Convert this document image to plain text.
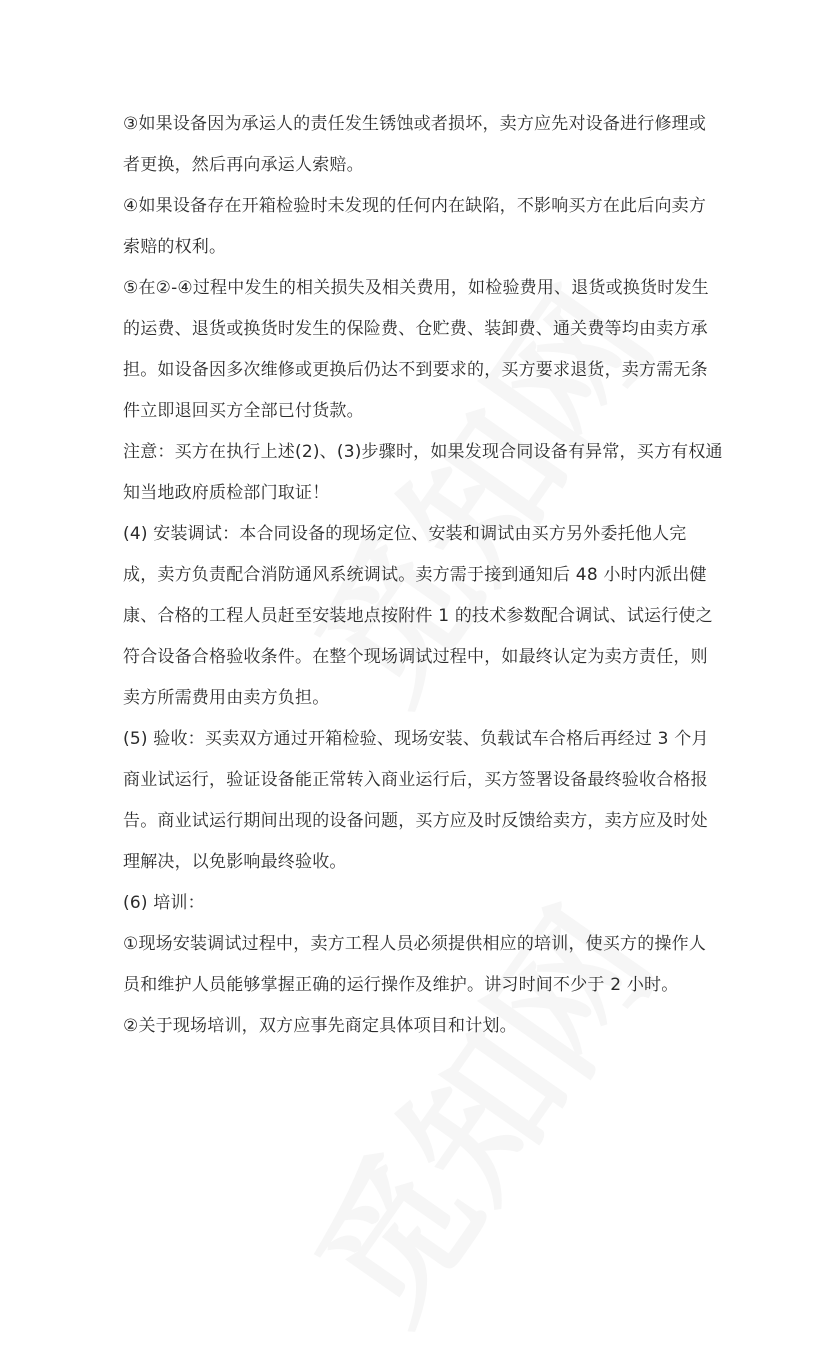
③如果设备因为承运人的责任发生锈蚀或者损坏，卖方应先对设备进行修理或
者更换，然后再向承运人索赔。
④如果设备存在开箱检验时未发现的任何内在缺陷，不影响买方在此后向卖方
索赔的权利。
⑤在②-④过程中发生的相关损失及相关费用，如检验费用、退货或换货时发生
的运费、退货或换货时发生的保险费、仓贮费、装卸费、通关费等均由卖方承
担。如设备因多次维修或更换后仍达不到要求的，买方要求退货，卖方需无条
件立即退回买方全部已付货款。
注意：买方在执行上述(2)、(3)步骤时，如果发现合同设备有异常，买方有权通
知当地政府质检部门取证！
(4) 安装调试：本合同设备的现场定位、安装和调试由买方另外委托他人完
成，卖方负责配合消防通风系统调试。卖方需于接到通知后 48 小时内派出健
康、合格的工程人员赶至安装地点按附件 1 的技术参数配合调试、试运行使之
符合设备合格验收条件。在整个现场调试过程中，如最终认定为卖方责任，则
卖方所需费用由卖方负担。
(5) 验收：买卖双方通过开箱检验、现场安装、负载试车合格后再经过 3 个月
商业试运行，验证设备能正常转入商业运行后，买方签署设备最终验收合格报
告。商业试运行期间出现的设备问题，买方应及时反馈给卖方，卖方应及时处
理解决，以免影响最终验收。
(6) 培训：
①现场安装调试过程中，卖方工程人员必须提供相应的培训，使买方的操作人
员和维护人员能够掌握正确的运行操作及维护。讲习时间不少于 2 小时。
②关于现场培训，双方应事先商定具体项目和计划。
